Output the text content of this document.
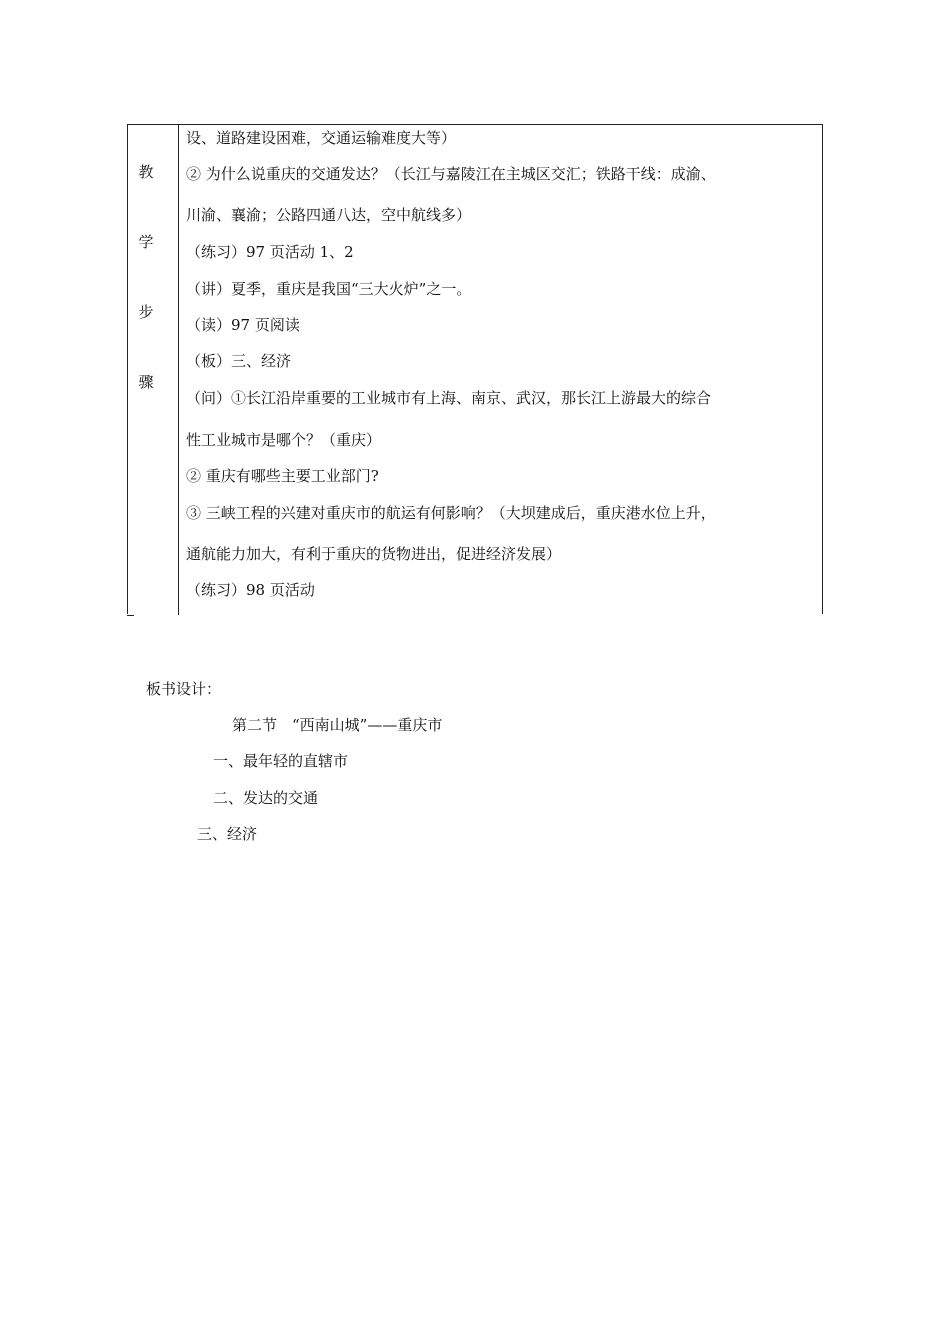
教
学
步
骤
设、道路建设困难，交通运输难度大等）
② 为什么说重庆的交通发达？（长江与嘉陵江在主城区交汇；铁路干线：成渝、
川渝、襄渝；公路四通八达，空中航线多）
（练习）97 页活动 1、2
（讲）夏季，重庆是我国“三大火炉”之一。
（读）97 页阅读
（板）三、经济
（问）①长江沿岸重要的工业城市有上海、南京、武汉，那长江上游最大的综合
性工业城市是哪个？（重庆）
② 重庆有哪些主要工业部门?
③ 三峡工程的兴建对重庆市的航运有何影响？（大坝建成后，重庆港水位上升，
通航能力加大，有利于重庆的货物进出，促进经济发展）
（练习）98 页活动
板书设计：
第二节　“西南山城”——重庆市
一、最年轻的直辖市
二、发达的交通
三、经济
